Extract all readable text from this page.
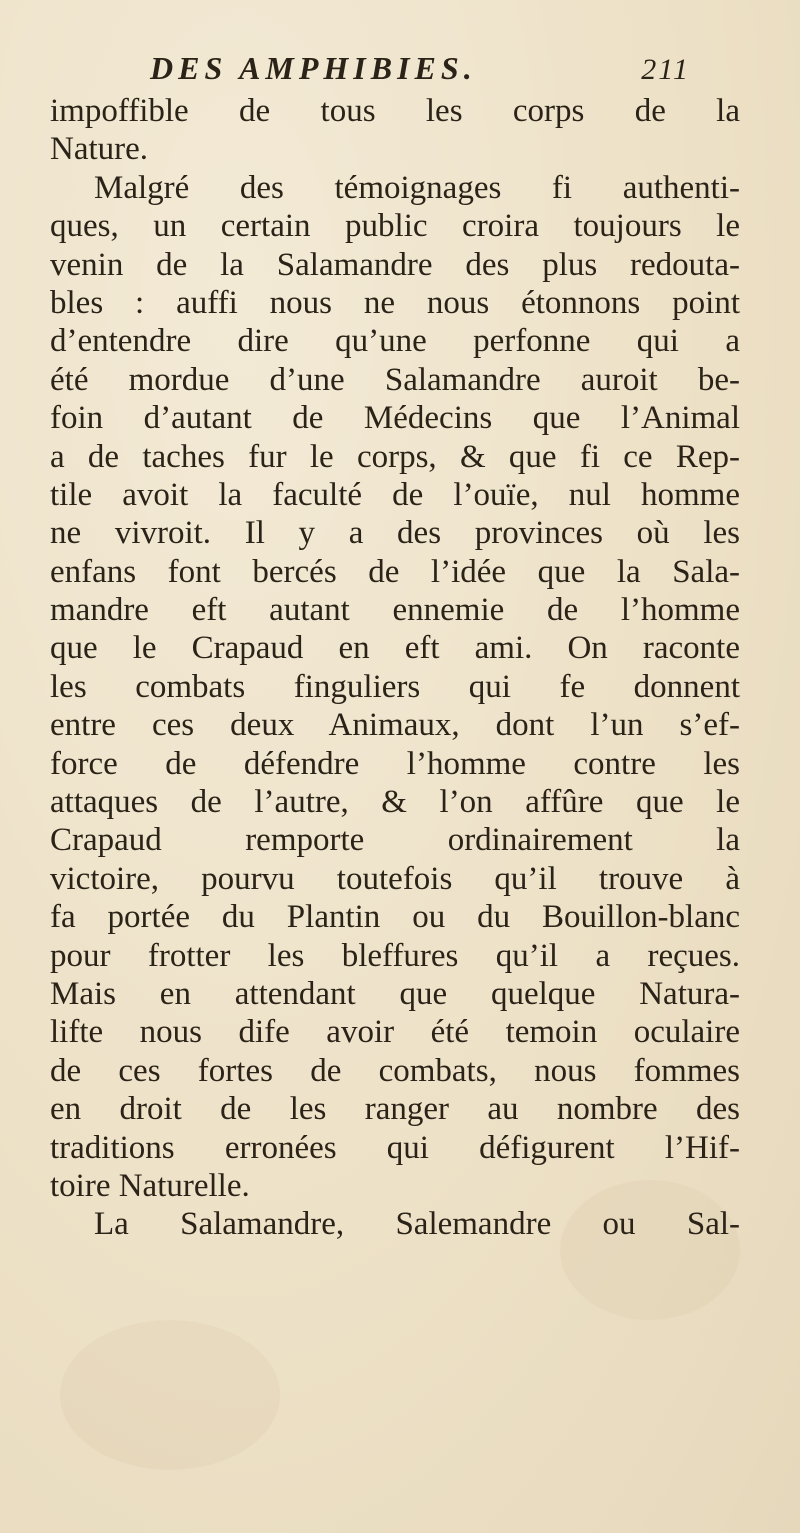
DES AMPHIBIES.	211
impoffible de tous les corps de la
Nature.
Malgré des témoignages fi authenti-
ques, un certain public croira toujours le
venin de la Salamandre des plus redouta-
bles : auffi nous ne nous étonnons point
d’entendre dire qu’une perfonne qui a
été mordue d’une Salamandre auroit be-
foin d’autant de Médecins que l’Animal
a de taches fur le corps, & que fi ce Rep-
tile avoit la faculté de l’ouïe, nul homme
ne vivroit. Il y a des provinces où les
enfans font bercés de l’idée que la Sala-
mandre eft autant ennemie de l’homme
que le Crapaud en eft ami. On raconte
les combats finguliers qui fe donnent
entre ces deux Animaux, dont l’un s’ef-
force de défendre l’homme contre les
attaques de l’autre, & l’on affûre que le
Crapaud remporte ordinairement la
victoire, pourvu toutefois qu’il trouve à
fa portée du Plantin ou du Bouillon-blanc
pour frotter les bleffures qu’il a reçues.
Mais en attendant que quelque Natura-
lifte nous dife avoir été temoin oculaire
de ces fortes de combats, nous fommes
en droit de les ranger au nombre des
traditions erronées qui défigurent l’Hif-
toire Naturelle.
La Salamandre, Salemandre ou Sal-
